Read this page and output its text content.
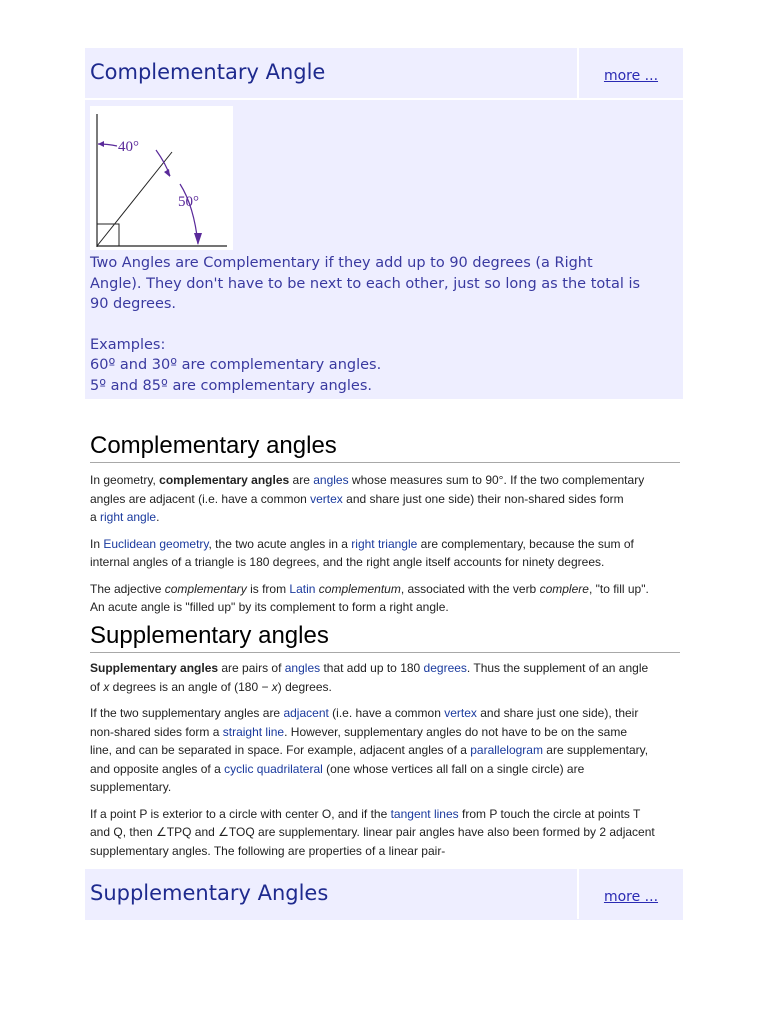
Complementary Angle	more ...
40°
50°

Two Angles are Complementary if they add up to 90 degrees (a Right

Angle). They don't have to be next to each other, just so long as the total is

90 degrees.

Examples:

60º and 30º are complementary angles.

5º and 85º are complementary angles.

Complementary angles

In geometry, complementary angles are angles whose measures sum to 90°. If the two complementary
angles are adjacent (i.e. have a common vertex and share just one side) their non-shared sides form
a right angle.

In Euclidean geometry, the two acute angles in a right triangle are complementary, because the sum of
internal angles of a triangle is 180 degrees, and the right angle itself accounts for ninety degrees.

The adjective complementary is from Latin complementum, associated with the verb complere, "to fill up".
An acute angle is "filled up" by its complement to form a right angle.

Supplementary angles

Supplementary angles are pairs of angles that add up to 180 degrees. Thus the supplement of an angle
of x degrees is an angle of (180 − x) degrees.

If the two supplementary angles are adjacent (i.e. have a common vertex and share just one side), their
non-shared sides form a straight line. However, supplementary angles do not have to be on the same
line, and can be separated in space. For example, adjacent angles of a parallelogram are supplementary,
and opposite angles of a cyclic quadrilateral (one whose vertices all fall on a single circle) are
supplementary.

If a point P is exterior to a circle with center O, and if the tangent lines from P touch the circle at points T
and Q, then ∠TPQ and ∠TOQ are supplementary. linear pair angles have also been formed by 2 adjacent
supplementary angles. The following are properties of a linear pair-

Supplementary Angles	more ...
